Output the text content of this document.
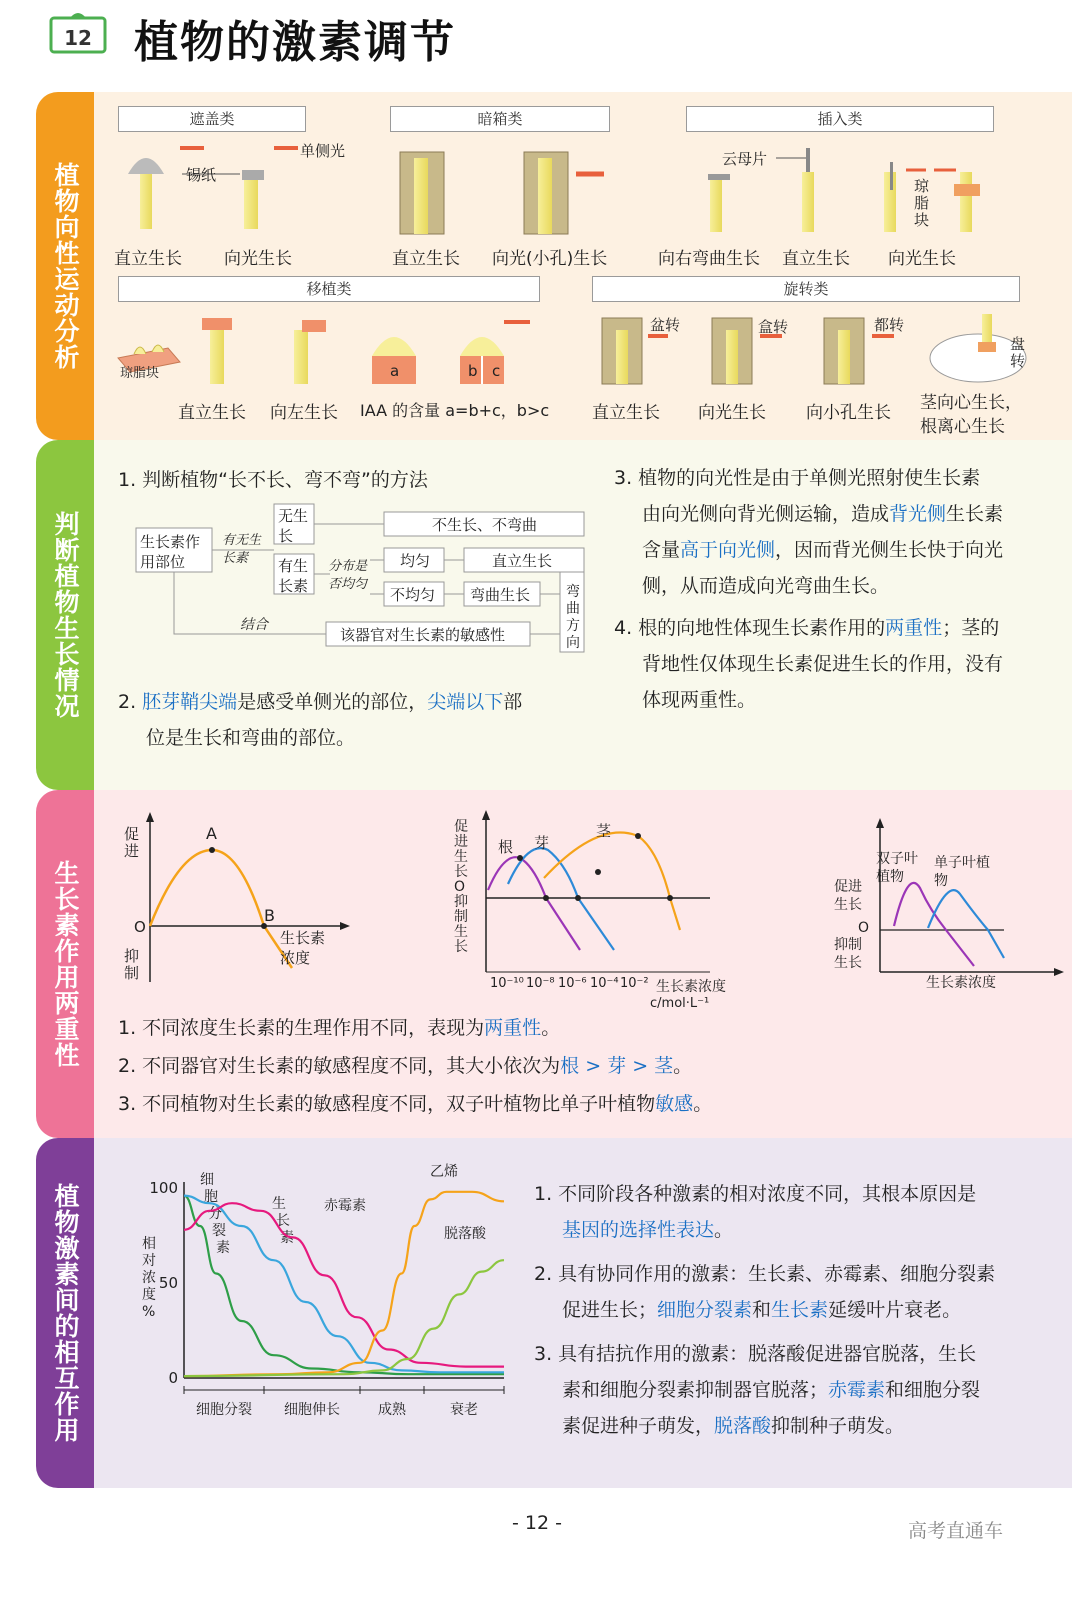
12 植物的激素调节
植物向性运动分析
遮盖类	暗箱类	插入类
移植类	旋转类
锡纸
单侧光	云母片
琼脂块
琼脂块	a	b c
盆转	盒转	都转
盘转
直立生长 向光生长	直立生长 向光(小孔)生长	向右弯曲生长 直立生长 向光生长
直立生长 向左生长 IAA 的含量 a=b+c，b>c	直立生长 向光生长 向小孔生长 茎向心生长，
根离心生长
判断植物生长情况
1. 判断植物“长不长、弯不弯”的方法
生长素作用部位
有无生长素
无生长
有生长素
分布是否均匀
不生长、不弯曲
均匀	直立生长
不均匀 弯曲生长
结合
该器官对生长素的敏感性
弯曲方向
2. 胚芽鞘尖端是感受单侧光的部位，尖端以下部
位是生长和弯曲的部位。
3. 植物的向光性是由于单侧光照射使生长素
由向光侧向背光侧运输，造成背光侧生长素
含量高于向光侧，因而背光侧生长快于向光
侧，从而造成向光弯曲生长。
4. 根的向地性体现生长素作用的两重性；茎的
背地性仅体现生长素促进生长的作用，没有
体现两重性。
生长素作用两重性
促进
O
抑制
A
B
生长素浓度
促进生长O抑制生长
根 芽
茎
10⁻¹⁰ 10⁻⁸ 10⁻⁶ 10⁻⁴ 10⁻² 生长素浓度
c/mol·L⁻¹
双子叶植物
单子叶植物
促进生长
O
抑制生长
生长素浓度
1. 不同浓度生长素的生理作用不同，表现为两重性。
2. 不同器官对生长素的敏感程度不同，其大小依次为根 > 芽 > 茎。
3. 不同植物对生长素的敏感程度不同，双子叶植物比单子叶植物敏感。
植物激素间的相互作用	100
50
0
相对浓度%
细胞分裂 细胞伸长	成熟	衰老
细胞分裂素
生长素
赤霉素
乙烯
脱落酸
1. 不同阶段各种激素的相对浓度不同，其根本原因是
基因的选择性表达。
2. 具有协同作用的激素：生长素、赤霉素、细胞分裂素
促进生长；细胞分裂素和生长素延缓叶片衰老。
3. 具有拮抗作用的激素：脱落酸促进器官脱落，生长
素和细胞分裂素抑制器官脱落；赤霉素和细胞分裂
素促进种子萌发，脱落酸抑制种子萌发。
- 12 -	高考直通车
